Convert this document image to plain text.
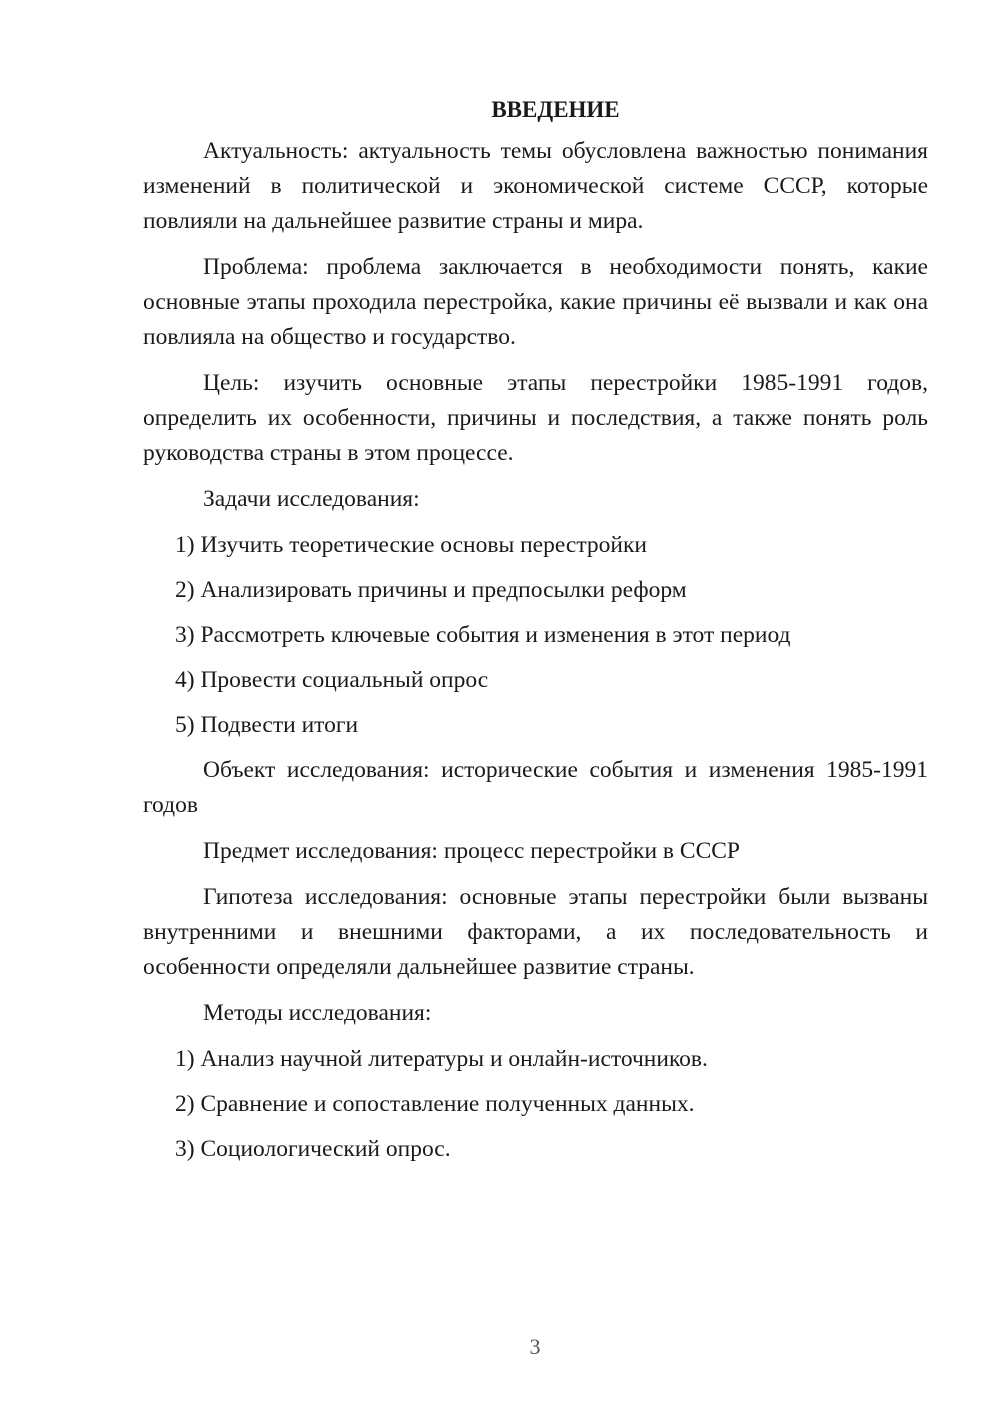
ВВЕДЕНИЕ

Актуальность: актуальность темы обусловлена важностью понимания изменений в политической и экономической системе СССР, которые повлияли на дальнейшее развитие страны и мира.

Проблема: проблема заключается в необходимости понять, какие основные этапы проходила перестройка, какие причины её вызвали и как она повлияла на общество и государство.

Цель: изучить основные этапы перестройки 1985-1991 годов, определить их особенности, причины и последствия, а также понять роль руководства страны в этом процессе.

Задачи исследования:

1) Изучить теоретические основы перестройки
2) Анализировать причины и предпосылки реформ
3) Рассмотреть ключевые события и изменения в этот период
4) Провести социальный опрос
5) Подвести итоги

Объект исследования: исторические события и изменения 1985-1991 годов

Предмет исследования: процесс перестройки в СССР

Гипотеза исследования: основные этапы перестройки были вызваны внутренними и внешними факторами, а их последовательность и особенности определяли дальнейшее развитие страны.

Методы исследования:

1) Анализ научной литературы и онлайн-источников.
2) Сравнение и сопоставление полученных данных.
3) Социологический опрос.
3
